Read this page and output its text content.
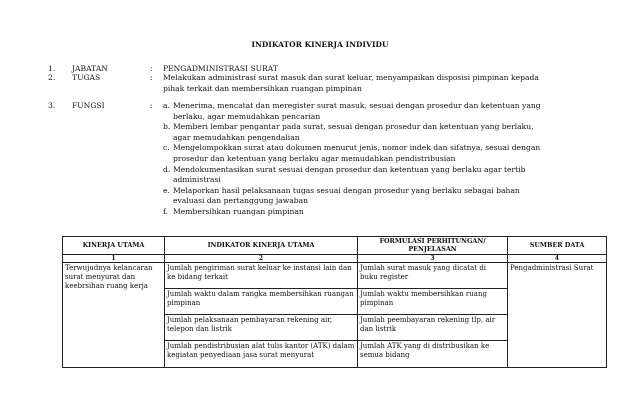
INDIKATOR KINERJA INDIVIDU
1. JABATAN	: PENGADMINISTRASI SURAT
2. TUGAS	: Melakukan administrasi surat masuk dan surat keluar, menyampaikan disposisi pimpinan kepada pihak terkait dan membersihkan ruangan pimpinan
3. FUNGSI	: a. Menerima, mencatat dan meregister surat masuk, sesuai dengan prosedur dan ketentuan yang berlaku, agar memudahkan pencarian
b. Memberi lembar pengantar pada surat, sesuai dengan prosedur dan ketentuan yang berlaku, agar memudahkan pengendalian
c. Mengelompokkan surat atau dokumen menurut jenis, nomor indek dan sifatnya, sesuai dengan prosedur dan ketentuan yang berlaku agar memudahkan pendistribusian
d. Mendokumentasikan surat sesuai dengan prosedur dan ketentuan yang berlaku agar tertib administrasi
e. Melaporkan hasil pelaksanaan tugas sesuai dengan prosedur yang berlaku sebagai bahan evaluasi dan pertanggung jawaban
f. Membersihkan ruangan pimpinan
KINERJA UTAMA	INDIKATOR KINERJA UTAMA	FORMULASI PERHITUNGAN/ PENJELASAN	SUMBER DATA
1	2	3	4
Terwujudnya kelancaran surat menyurat dan keebrsihan ruang kerja	Jumlah pengiriman surat keluar ke instansi lain dan ke bidang terkait	Jumlah surat masuk yang dicatat di buku register	Pengadministrasi Surat
	Jumlah waktu dalam rangka membersihkan ruangan pimpinan	Jumlah waktu membersihkan ruang pimpinan	
	Jumlah pelaksanaan pembayaran rekening air, telepon dan listrik	Jumlah peembayaran rekening tlp, air dan listrik	
	Jumlah pendistribusian alat tulis kantor (ATK) dalam kegiatan penyediaan jasa surat menyurat	Jumlah ATK yang di distribusikan ke semua bidang	
